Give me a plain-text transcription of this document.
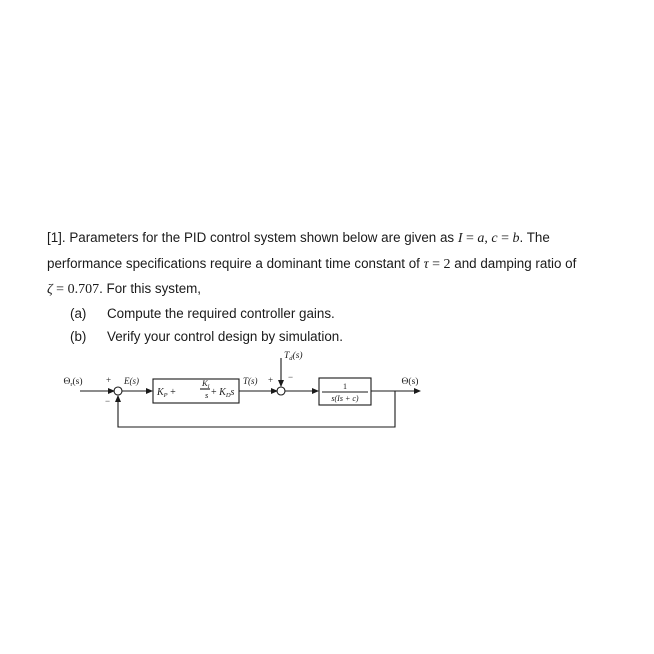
[1]. Parameters for the PID control system shown below are given as I = a, c = b. The
performance specifications require a dominant time constant of τ = 2 and damping ratio of
ζ = 0.707. For this system,
(a) Compute the required controller gains.
(b) Verify your control design by simulation.
$\Theta_r(s)$	+
−
E(s)
$K_P$ +
$K_I$
$s + K_Ds$
T(s) + −
$T_d(s)$
1
s(Is + c)
Θ(s)
